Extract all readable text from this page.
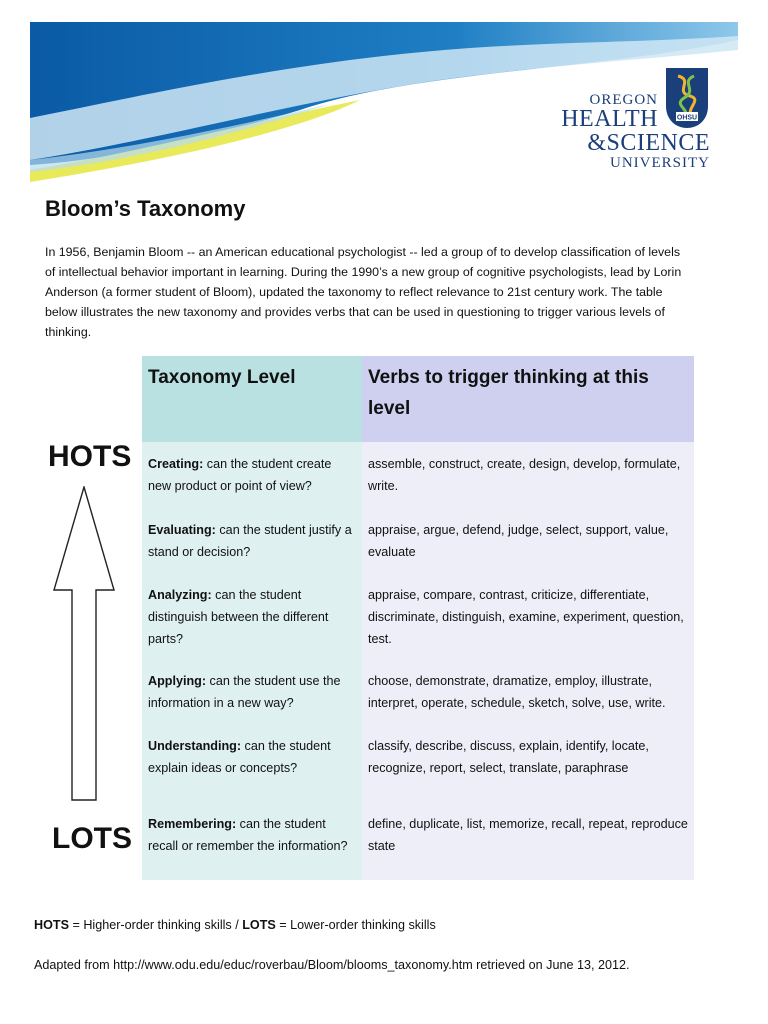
OHSU
OREGON
HEALTH
&SCIENCE
UNIVERSITY
Bloom’s Taxonomy

In 1956, Benjamin Bloom -- an American educational psychologist -- led a group of to develop classification of levels of intellectual behavior important in learning. During the 1990’s a new group of cognitive psychologists, lead by Lorin Anderson (a former student of Bloom), updated the taxonomy to reflect relevance to 21st century work. The table below illustrates the new taxonomy and provides verbs that can be used in questioning to trigger various levels of thinking.

HOTS
LOTS
Taxonomy Level	Verbs to trigger thinking at this level
Creating: can the student create new product or point of view?
assemble, construct, create, design, develop, formulate, write.
Evaluating: can the student justify a stand or decision?
appraise, argue, defend, judge, select, support, value, evaluate
Analyzing: can the student distinguish between the different parts?
appraise, compare, contrast, criticize, differentiate, discriminate, distinguish, examine, experiment, question, test.
Applying: can the student use the information in a new way?
choose, demonstrate, dramatize, employ, illustrate, interpret, operate, schedule, sketch, solve, use, write.
Understanding: can the student explain ideas or concepts?
classify, describe, discuss, explain, identify, locate, recognize, report, select, translate, paraphrase
Remembering: can the student recall or remember the information?
define, duplicate, list, memorize, recall, repeat, reproduce state

HOTS = Higher-order thinking skills / LOTS = Lower-order thinking skills

Adapted from http://www.odu.edu/educ/roverbau/Bloom/blooms_taxonomy.htm retrieved on June 13, 2012.
